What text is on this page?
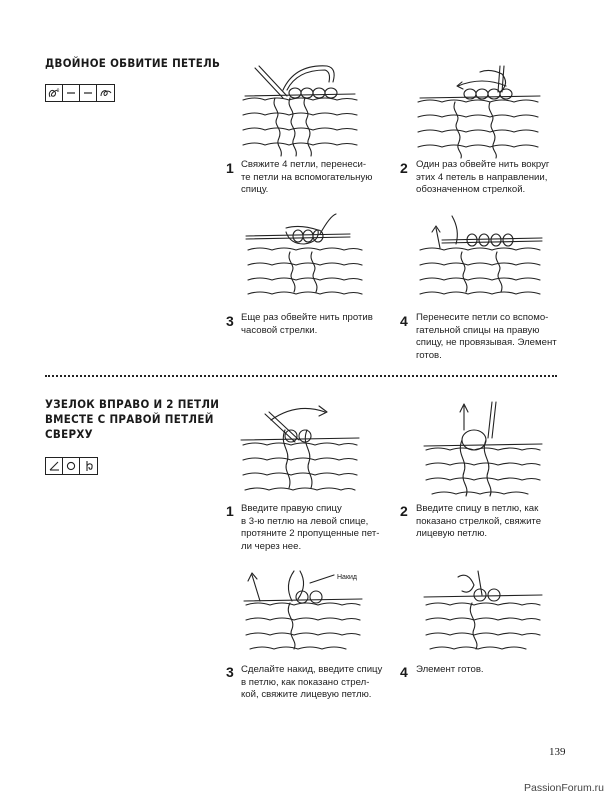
ДВОЙНОЕ ОБВИТИЕ ПЕТЕЛЬ
2
1 Свяжите 4 петли, перенеси-
те петли на вспомогательную
спицу.
2 Один раз обвейте нить вокруг
этих 4 петель в направлении,
обозначенном стрелкой.
3 Еще раз обвейте нить против
часовой стрелки.
4 Перенесите петли со вспомо-
гательной спицы на правую
спицу, не провязывая. Элемент
готов.
УЗЕЛОК ВПРАВО И 2 ПЕТЛИ
ВМЕСТЕ С ПРАВОЙ ПЕТЛЕЙ
СВЕРХУ
Накид
1 Введите правую спицу
в 3-ю петлю на левой спице,
протяните 2 пропущенные пет-
ли через нее.
2 Введите спицу в петлю, как
показано стрелкой, свяжите
лицевую петлю.
3 Сделайте накид, введите спицу
в петлю, как показано стрел-
кой, свяжите лицевую петлю.
4 Элемент готов.
139
PassionForum.ru
